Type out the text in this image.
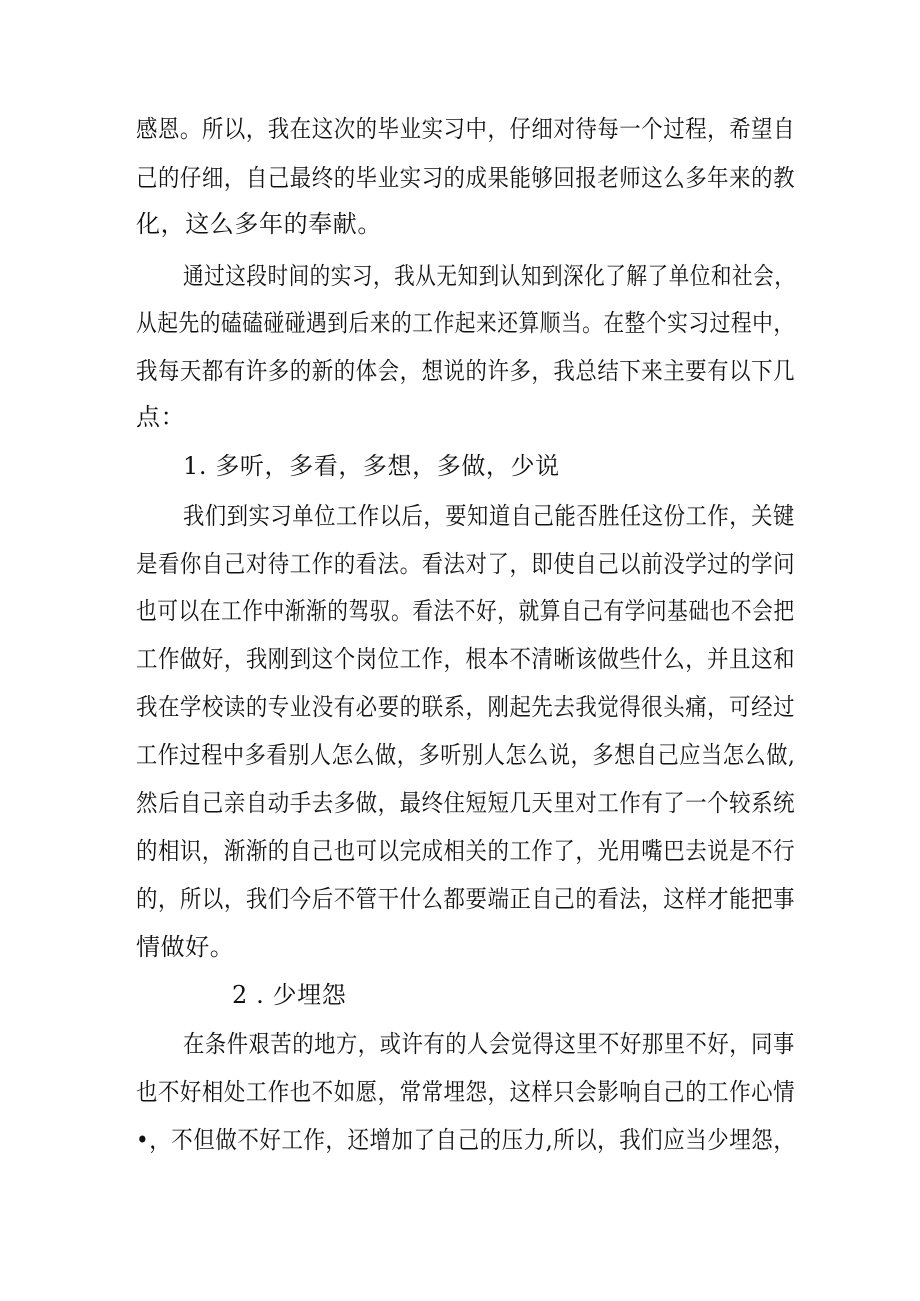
感恩。所以，我在这次的毕业实习中，仔细对待每一个过程，希望自
己的仔细，自己最终的毕业实习的成果能够回报老师这么多年来的教
化，这么多年的奉献。
通过这段时间的实习，我从无知到认知到深化了解了单位和社会，
从起先的磕磕碰碰遇到后来的工作起来还算顺当。在整个实习过程中，
我每天都有许多的新的体会，想说的许多，我总结下来主要有以下几
点：
1. 多听，多看，多想，多做，少说
我们到实习单位工作以后，要知道自己能否胜任这份工作，关键
是看你自己对待工作的看法。看法对了，即使自己以前没学过的学问
也可以在工作中渐渐的驾驭。看法不好，就算自己有学问基础也不会把
工作做好，我刚到这个岗位工作，根本不清晰该做些什么，并且这和
我在学校读的专业没有必要的联系，刚起先去我觉得很头痛，可经过
工作过程中多看别人怎么做，多听别人怎么说，多想自己应当怎么做,
然后自己亲自动手去多做，最终住短短几天里对工作有了一个较系统
的相识，渐渐的自己也可以完成相关的工作了，光用嘴巴去说是不行
的，所以，我们今后不管干什么都要端正自己的看法，这样才能把事
情做好。
2 . 少埋怨
在条件艰苦的地方，或许有的人会觉得这里不好那里不好，同事
也不好相处工作也不如愿，常常埋怨，这样只会影响自己的工作心情
•，不但做不好工作，还增加了自己的压力,所以，我们应当少埋怨，
